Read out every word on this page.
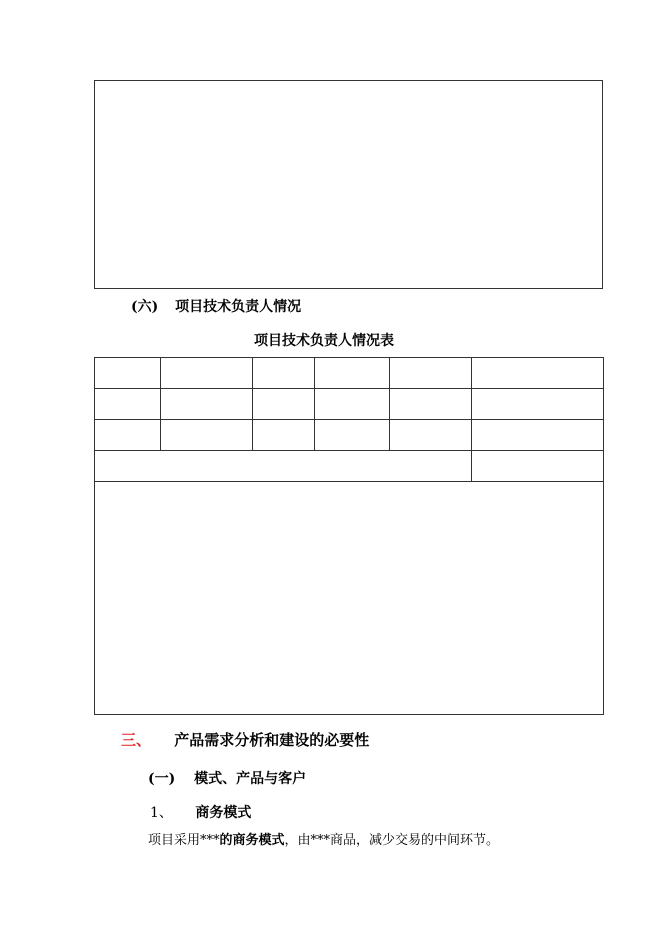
(六) 项目技术负责人情况
项目技术负责人情况表

三、 产品需求分析和建设的必要性
(一) 模式、产品与客户
1、 商务模式
项目采用***的商务模式，由***商品，减少交易的中间环节。
